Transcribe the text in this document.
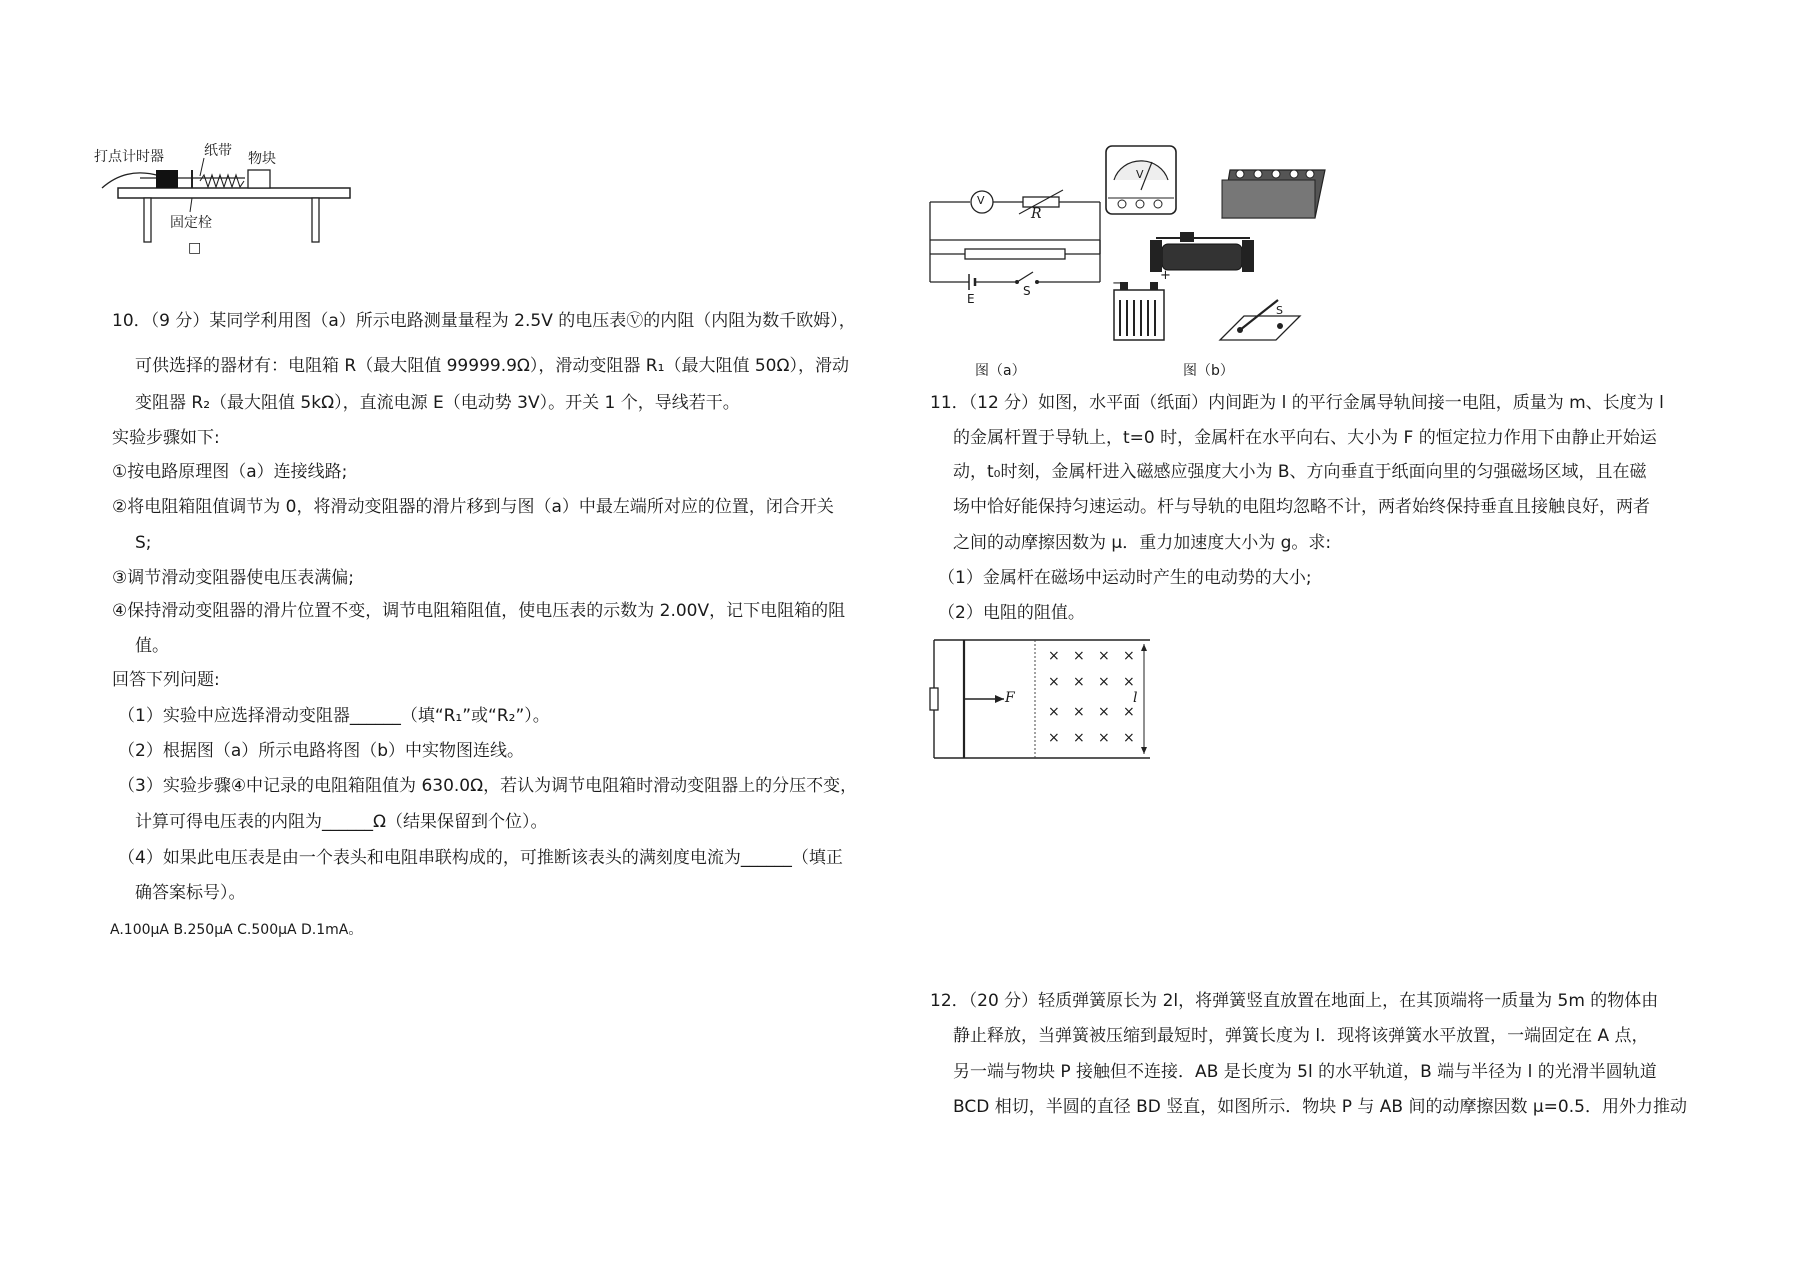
打点计时器	纸带 物块
固定栓
□
10．（9 分）某同学利用图（a）所示电路测量量程为 2.5V 的电压表Ⓥ的内阻（内阻为数千欧姆），
可供选择的器材有：电阻箱 R（最大阻值 99999.9Ω），滑动变阻器 R₁（最大阻值 50Ω），滑动
变阻器 R₂（最大阻值 5kΩ），直流电源 E（电动势 3V）。开关 1 个，导线若干。
实验步骤如下:
①按电路原理图（a）连接线路;
②将电阻箱阻值调节为 0，将滑动变阻器的滑片移到与图（a）中最左端所对应的位置，闭合开关
S;
③调节滑动变阻器使电压表满偏;
④保持滑动变阻器的滑片位置不变，调节电阻箱阻值，使电压表的示数为 2.00V，记下电阻箱的阻
值。
回答下列问题:
（1）实验中应选择滑动变阻器______（填“R₁”或“R₂”）。
（2）根据图（a）所示电路将图（b）中实物图连线。
（3）实验步骤④中记录的电阻箱阻值为 630.0Ω，若认为调节电阻箱时滑动变阻器上的分压不变，
计算可得电压表的内阻为______Ω（结果保留到个位）。
（4）如果此电压表是由一个表头和电阻串联构成的，可推断该表头的满刻度电流为______（填正
确答案标号）。
A.100μA B.250μA C.500μA D.1mA。
V
R
E
S
V
+
−
S
图（a）	图（b）
11．（12 分）如图，水平面（纸面）内间距为 l 的平行金属导轨间接一电阻，质量为 m、长度为 l
的金属杆置于导轨上，t=0 时，金属杆在水平向右、大小为 F 的恒定拉力作用下由静止开始运
动，t₀时刻，金属杆进入磁感应强度大小为 B、方向垂直于纸面向里的匀强磁场区域，且在磁
场中恰好能保持匀速运动。杆与导轨的电阻均忽略不计，两者始终保持垂直且接触良好，两者
之间的动摩擦因数为 μ．重力加速度大小为 g。求:
（1）金属杆在磁场中运动时产生的电动势的大小;
（2）电阻的阻值。
× × × ×
× × × ×
× × × ×
× × × ×
F	l
12．（20 分）轻质弹簧原长为 2l，将弹簧竖直放置在地面上，在其顶端将一质量为 5m 的物体由
静止释放，当弹簧被压缩到最短时，弹簧长度为 l．现将该弹簧水平放置，一端固定在 A 点，
另一端与物块 P 接触但不连接．AB 是长度为 5l 的水平轨道，B 端与半径为 l 的光滑半圆轨道
BCD 相切，半圆的直径 BD 竖直，如图所示．物块 P 与 AB 间的动摩擦因数 μ=0.5．用外力推动
